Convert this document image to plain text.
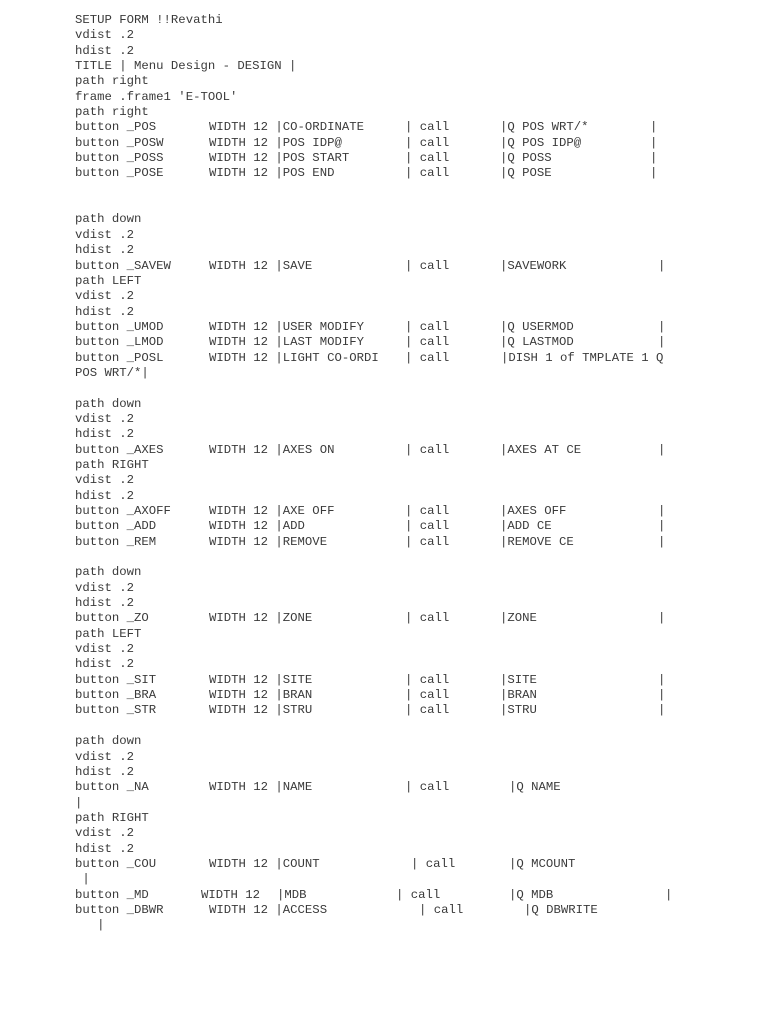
SETUP FORM !!Revathi
vdist .2
hdist .2
TITLE | Menu Design - DESIGN |
path right
frame .frame1 'E-TOOL'
path right
button _POS	WIDTH 12 |CO-ORDINATE	| call	|Q POS WRT/*	|
button _POSW	WIDTH 12 |POS IDP@	| call	|Q POS IDP@	|
button _POSS	WIDTH 12 |POS START	| call	|Q POSS	|
button _POSE	WIDTH 12 |POS END	| call	|Q POSE	|
path down
vdist .2
hdist .2
button _SAVEW	WIDTH 12 |SAVE	| call	|SAVEWORK	|
path LEFT
vdist .2
hdist .2
button _UMOD	WIDTH 12 |USER MODIFY	| call	|Q USERMOD	|
button _LMOD	WIDTH 12 |LAST MODIFY	| call	|Q LASTMOD	|
button _POSL	WIDTH 12 |LIGHT CO-ORDI | call	|DISH 1 of TMPLATE 1 Q
POS WRT/*|
path down
vdist .2
hdist .2
button _AXES	WIDTH 12 |AXES ON	| call	|AXES AT CE	|
path RIGHT
vdist .2
hdist .2
button _AXOFF	WIDTH 12 |AXE OFF	| call	|AXES OFF	|
button _ADD	WIDTH 12 |ADD	| call	|ADD CE	|
button _REM	WIDTH 12 |REMOVE	| call	|REMOVE CE	|
path down
vdist .2
hdist .2
button _ZO	WIDTH 12 |ZONE	| call	|ZONE	|
path LEFT
vdist .2
hdist .2
button _SIT	WIDTH 12 |SITE	| call	|SITE	|
button _BRA	WIDTH 12 |BRAN	| call	|BRAN	|
button _STR	WIDTH 12 |STRU	| call	|STRU	|
path down
vdist .2
hdist .2
button _NA	WIDTH 12 |NAME	| call	|Q NAME
|
path RIGHT
vdist .2
hdist .2
button _COU	WIDTH 12 |COUNT	| call	|Q MCOUNT
|
button _MD	WIDTH 12 |MDB	| call	|Q MDB	|
button _DBWR	WIDTH 12 |ACCESS	| call	|Q DBWRITE
|
